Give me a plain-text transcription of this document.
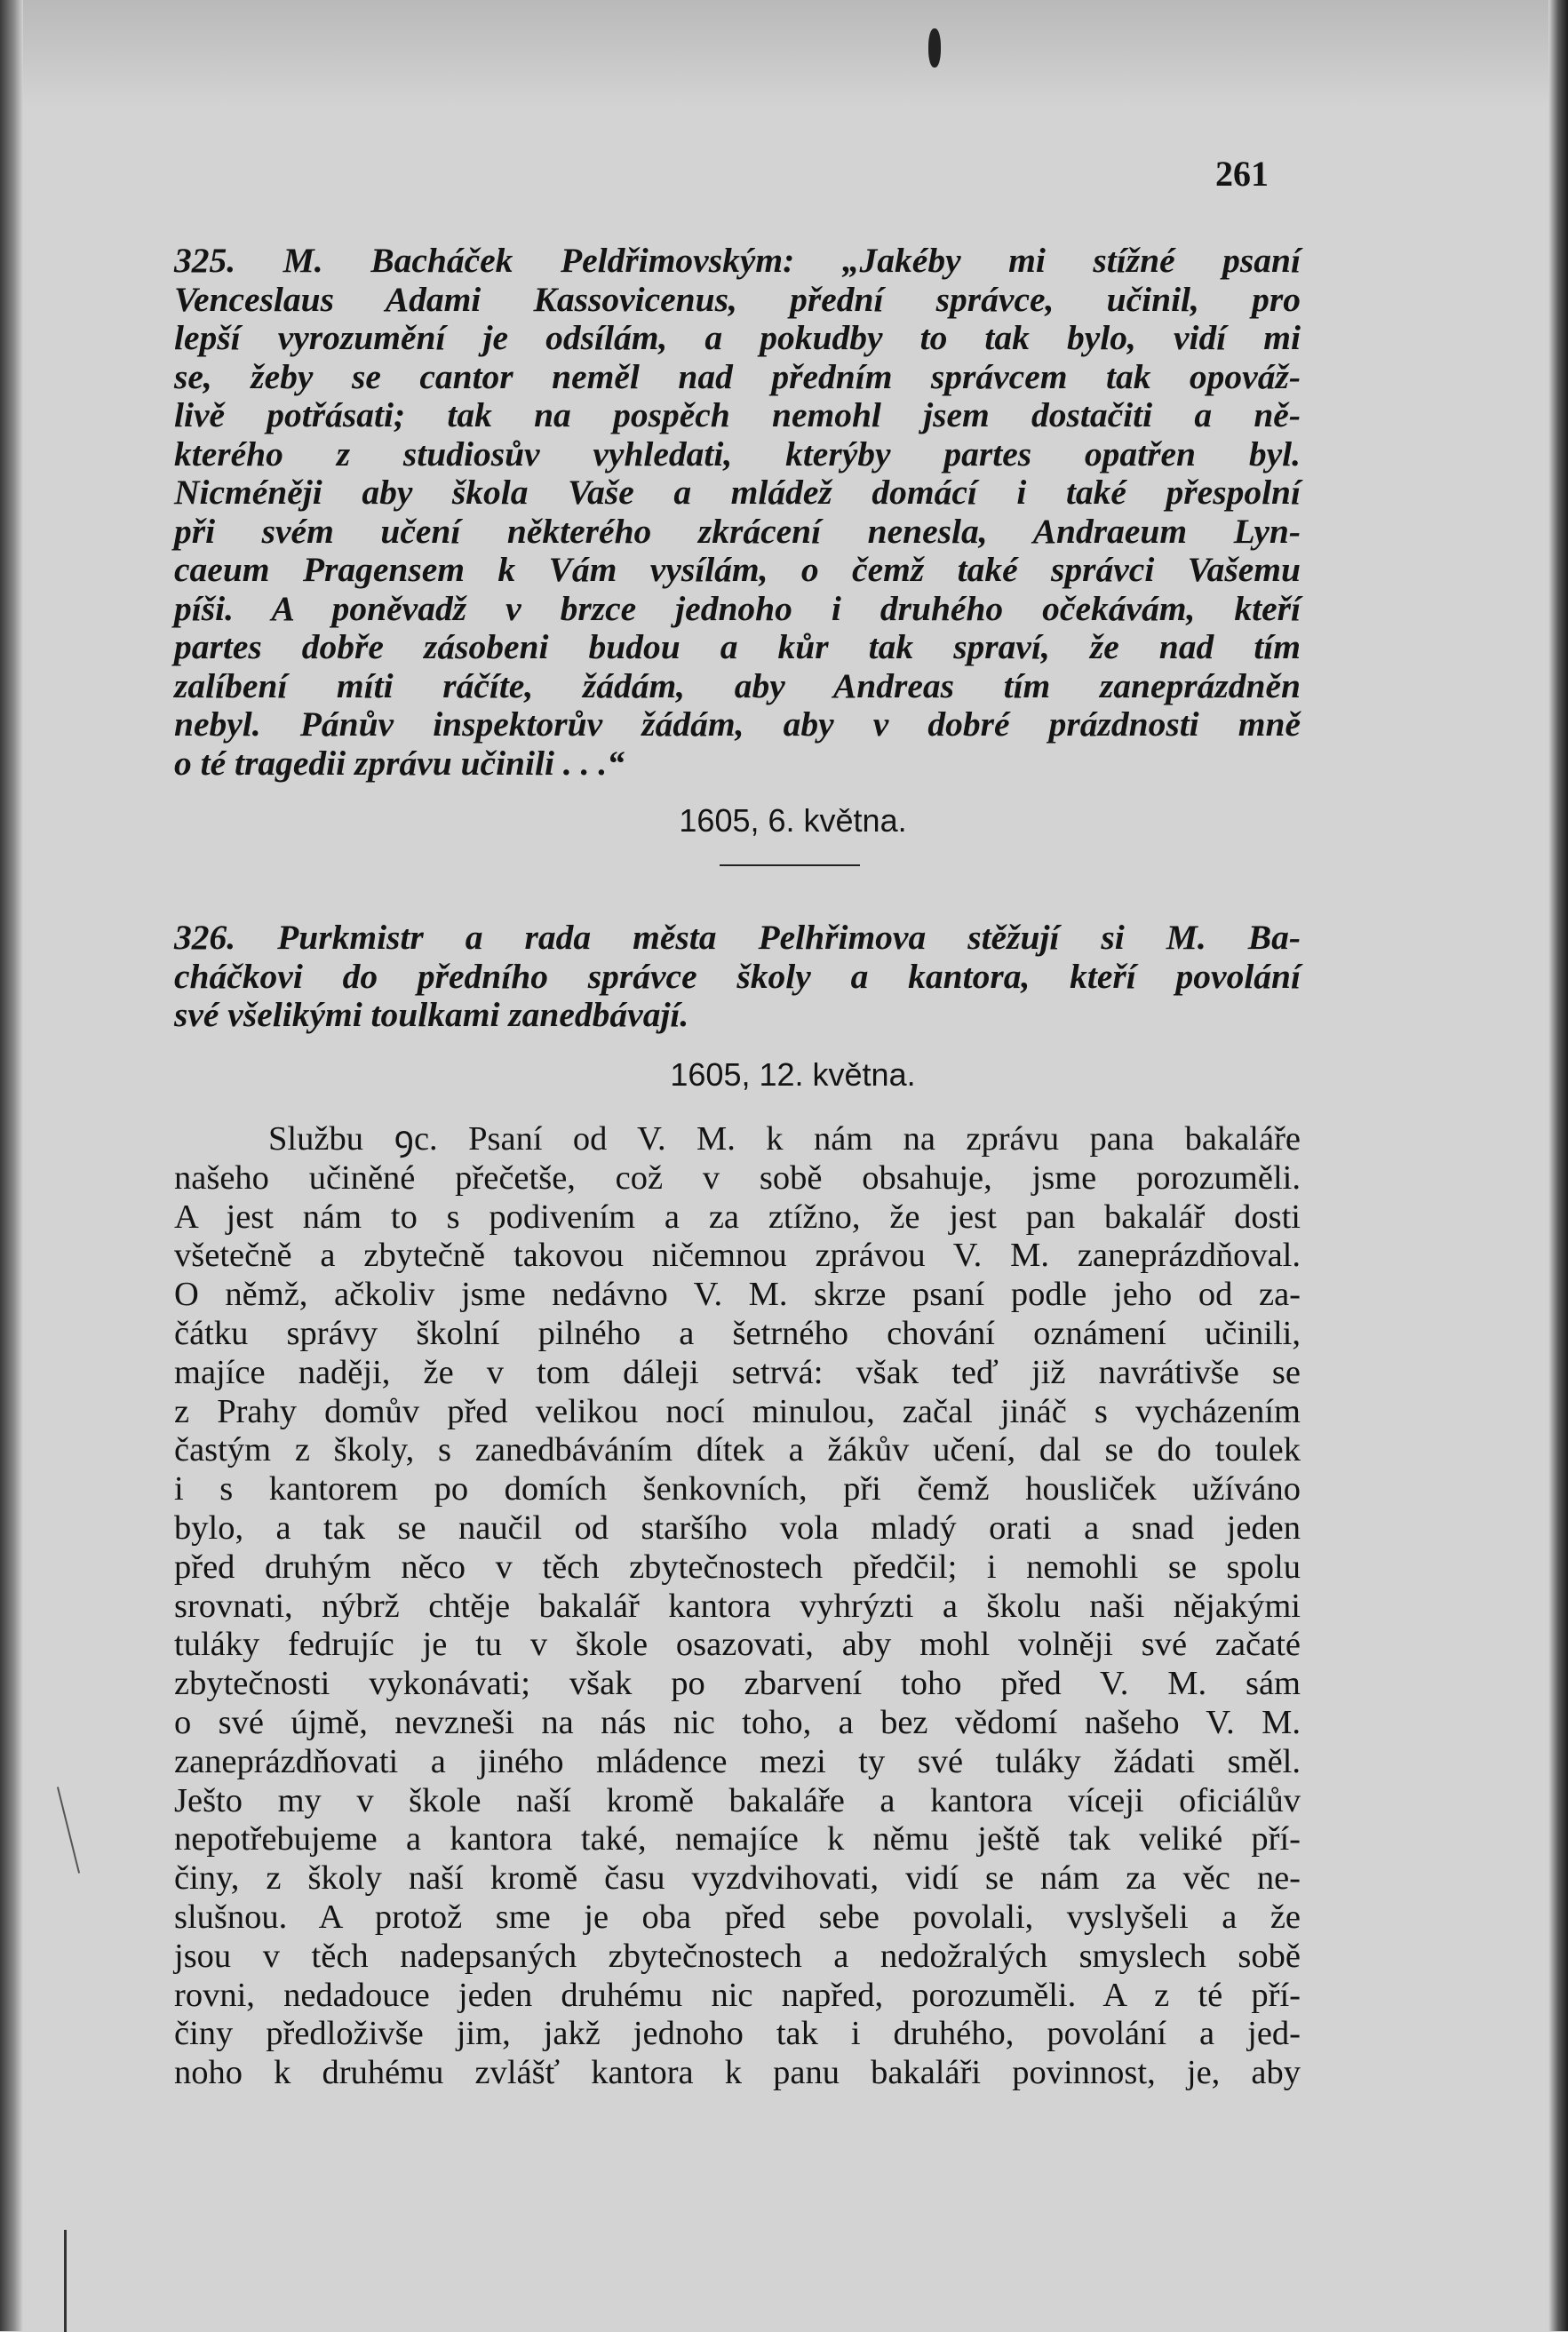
261
325. M. Bacháček Peldřimovským: „Jakéby mi stížné psaní
Venceslaus Adami Kassovicenus, přední správce, učinil, pro
lepší vyrozumění je odsílám, a pokudby to tak bylo, vidí mi
se, žeby se cantor neměl nad předním správcem tak opováž-
livě potřásati; tak na pospěch nemohl jsem dostačiti a ně-
kterého z studiosův vyhledati, kterýby partes opatřen byl.
Nicméněji aby škola Vaše a mládež domácí i také přespolní
při svém učení některého zkrácení nenesla, Andraeum Lyn-
caeum Pragensem k Vám vysílám, o čemž také správci Vašemu
píši. A poněvadž v brzce jednoho i druhého očekávám, kteří
partes dobře zásobeni budou a kůr tak spraví, že nad tím
zalíbení míti ráčíte, žádám, aby Andreas tím zaneprázdněn
nebyl. Pánův inspektorův žádám, aby v dobré prázdnosti mně
o té tragedii zprávu učinili . . .“
1605, 6. května.
326. Purkmistr a rada města Pelhřimova stěžují si M. Ba-
cháčkovi do předního správce školy a kantora, kteří povolání
své všelikými toulkami zanedbávají.
1605, 12. května.
Službu ꝯc. Psaní od V. M. k nám na zprávu pana bakaláře
našeho učiněné přečetše, což v sobě obsahuje, jsme porozuměli.
A jest nám to s podivením a za ztížno, že jest pan bakalář dosti
všetečně a zbytečně takovou ničemnou zprávou V. M. zaneprázdňoval.
O němž, ačkoliv jsme nedávno V. M. skrze psaní podle jeho od za-
čátku správy školní pilného a šetrného chování oznámení učinili,
majíce naději, že v tom dáleji setrvá: však teď již navrátivše se
z Prahy domův před velikou nocí minulou, začal jináč s vycházením
častým z školy, s zanedbáváním dítek a žákův učení, dal se do toulek
i s kantorem po domích šenkovních, při čemž housliček užíváno
bylo, a tak se naučil od staršího vola mladý orati a snad jeden
před druhým něco v těch zbytečnostech předčil; i nemohli se spolu
srovnati, nýbrž chtěje bakalář kantora vyhrýzti a školu naši nějakými
tuláky fedrujíc je tu v škole osazovati, aby mohl volněji své začaté
zbytečnosti vykonávati; však po zbarvení toho před V. M. sám
o své újmě, nevzneši na nás nic toho, a bez vědomí našeho V. M.
zaneprázdňovati a jiného mládence mezi ty své tuláky žádati směl.
Ješto my v škole naší kromě bakaláře a kantora víceji oficiálův
nepotřebujeme a kantora také, nemajíce k němu ještě tak veliké pří-
činy, z školy naší kromě času vyzdvihovati, vidí se nám za věc ne-
slušnou. A protož sme je oba před sebe povolali, vyslyšeli a že
jsou v těch nadepsaných zbytečnostech a nedožralých smyslech sobě
rovni, nedadouce jeden druhému nic napřed, porozuměli. A z té pří-
činy předloživše jim, jakž jednoho tak i druhého, povolání a jed-
noho k druhému zvlášť kantora k panu bakaláři povinnost, je, aby
